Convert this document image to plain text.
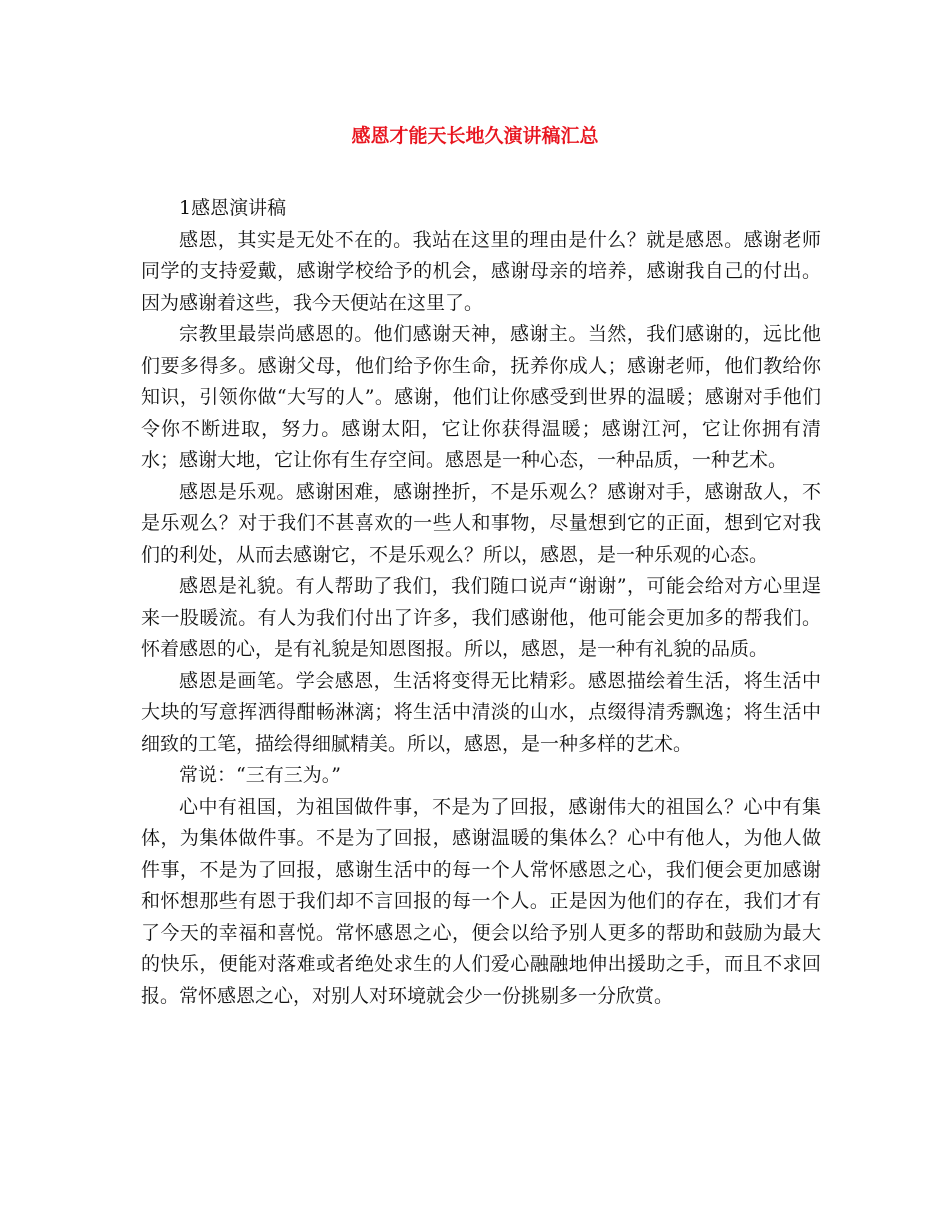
感恩才能天长地久演讲稿汇总
1感恩演讲稿

感恩，其实是无处不在的。我站在这里的理由是什么？就是感恩。感谢老师同学的支持爱戴，感谢学校给予的机会，感谢母亲的培养，感谢我自己的付出。因为感谢着这些，我今天便站在这里了。

宗教里最崇尚感恩的。他们感谢天神，感谢主。当然，我们感谢的，远比他们要多得多。感谢父母，他们给予你生命，抚养你成人；感谢老师，他们教给你知识，引领你做“大写的人”。感谢，他们让你感受到世界的温暖；感谢对手他们令你不断进取，努力。感谢太阳，它让你获得温暖；感谢江河，它让你拥有清水；感谢大地，它让你有生存空间。感恩是一种心态，一种品质，一种艺术。

感恩是乐观。感谢困难，感谢挫折，不是乐观么？感谢对手，感谢敌人，不是乐观么？对于我们不甚喜欢的一些人和事物，尽量想到它的正面，想到它对我们的利处，从而去感谢它，不是乐观么？所以，感恩，是一种乐观的心态。

感恩是礼貌。有人帮助了我们，我们随口说声“谢谢”，可能会给对方心里逞来一股暖流。有人为我们付出了许多，我们感谢他，他可能会更加多的帮我们。怀着感恩的心，是有礼貌是知恩图报。所以，感恩，是一种有礼貌的品质。

感恩是画笔。学会感恩，生活将变得无比精彩。感恩描绘着生活，将生活中大块的写意挥洒得酣畅淋漓；将生活中清淡的山水，点缀得清秀飘逸；将生活中细致的工笔，描绘得细腻精美。所以，感恩，是一种多样的艺术。

常说：“三有三为。”

心中有祖国，为祖国做件事，不是为了回报，感谢伟大的祖国么？心中有集体，为集体做件事。不是为了回报，感谢温暖的集体么？心中有他人，为他人做件事，不是为了回报，感谢生活中的每一个人常怀感恩之心，我们便会更加感谢和怀想那些有恩于我们却不言回报的每一个人。正是因为他们的存在，我们才有了今天的幸福和喜悦。常怀感恩之心，便会以给予别人更多的帮助和鼓励为最大的快乐，便能对落难或者绝处求生的人们爱心融融地伸出援助之手，而且不求回报。常怀感恩之心，对别人对环境就会少一份挑剔多一分欣赏。
